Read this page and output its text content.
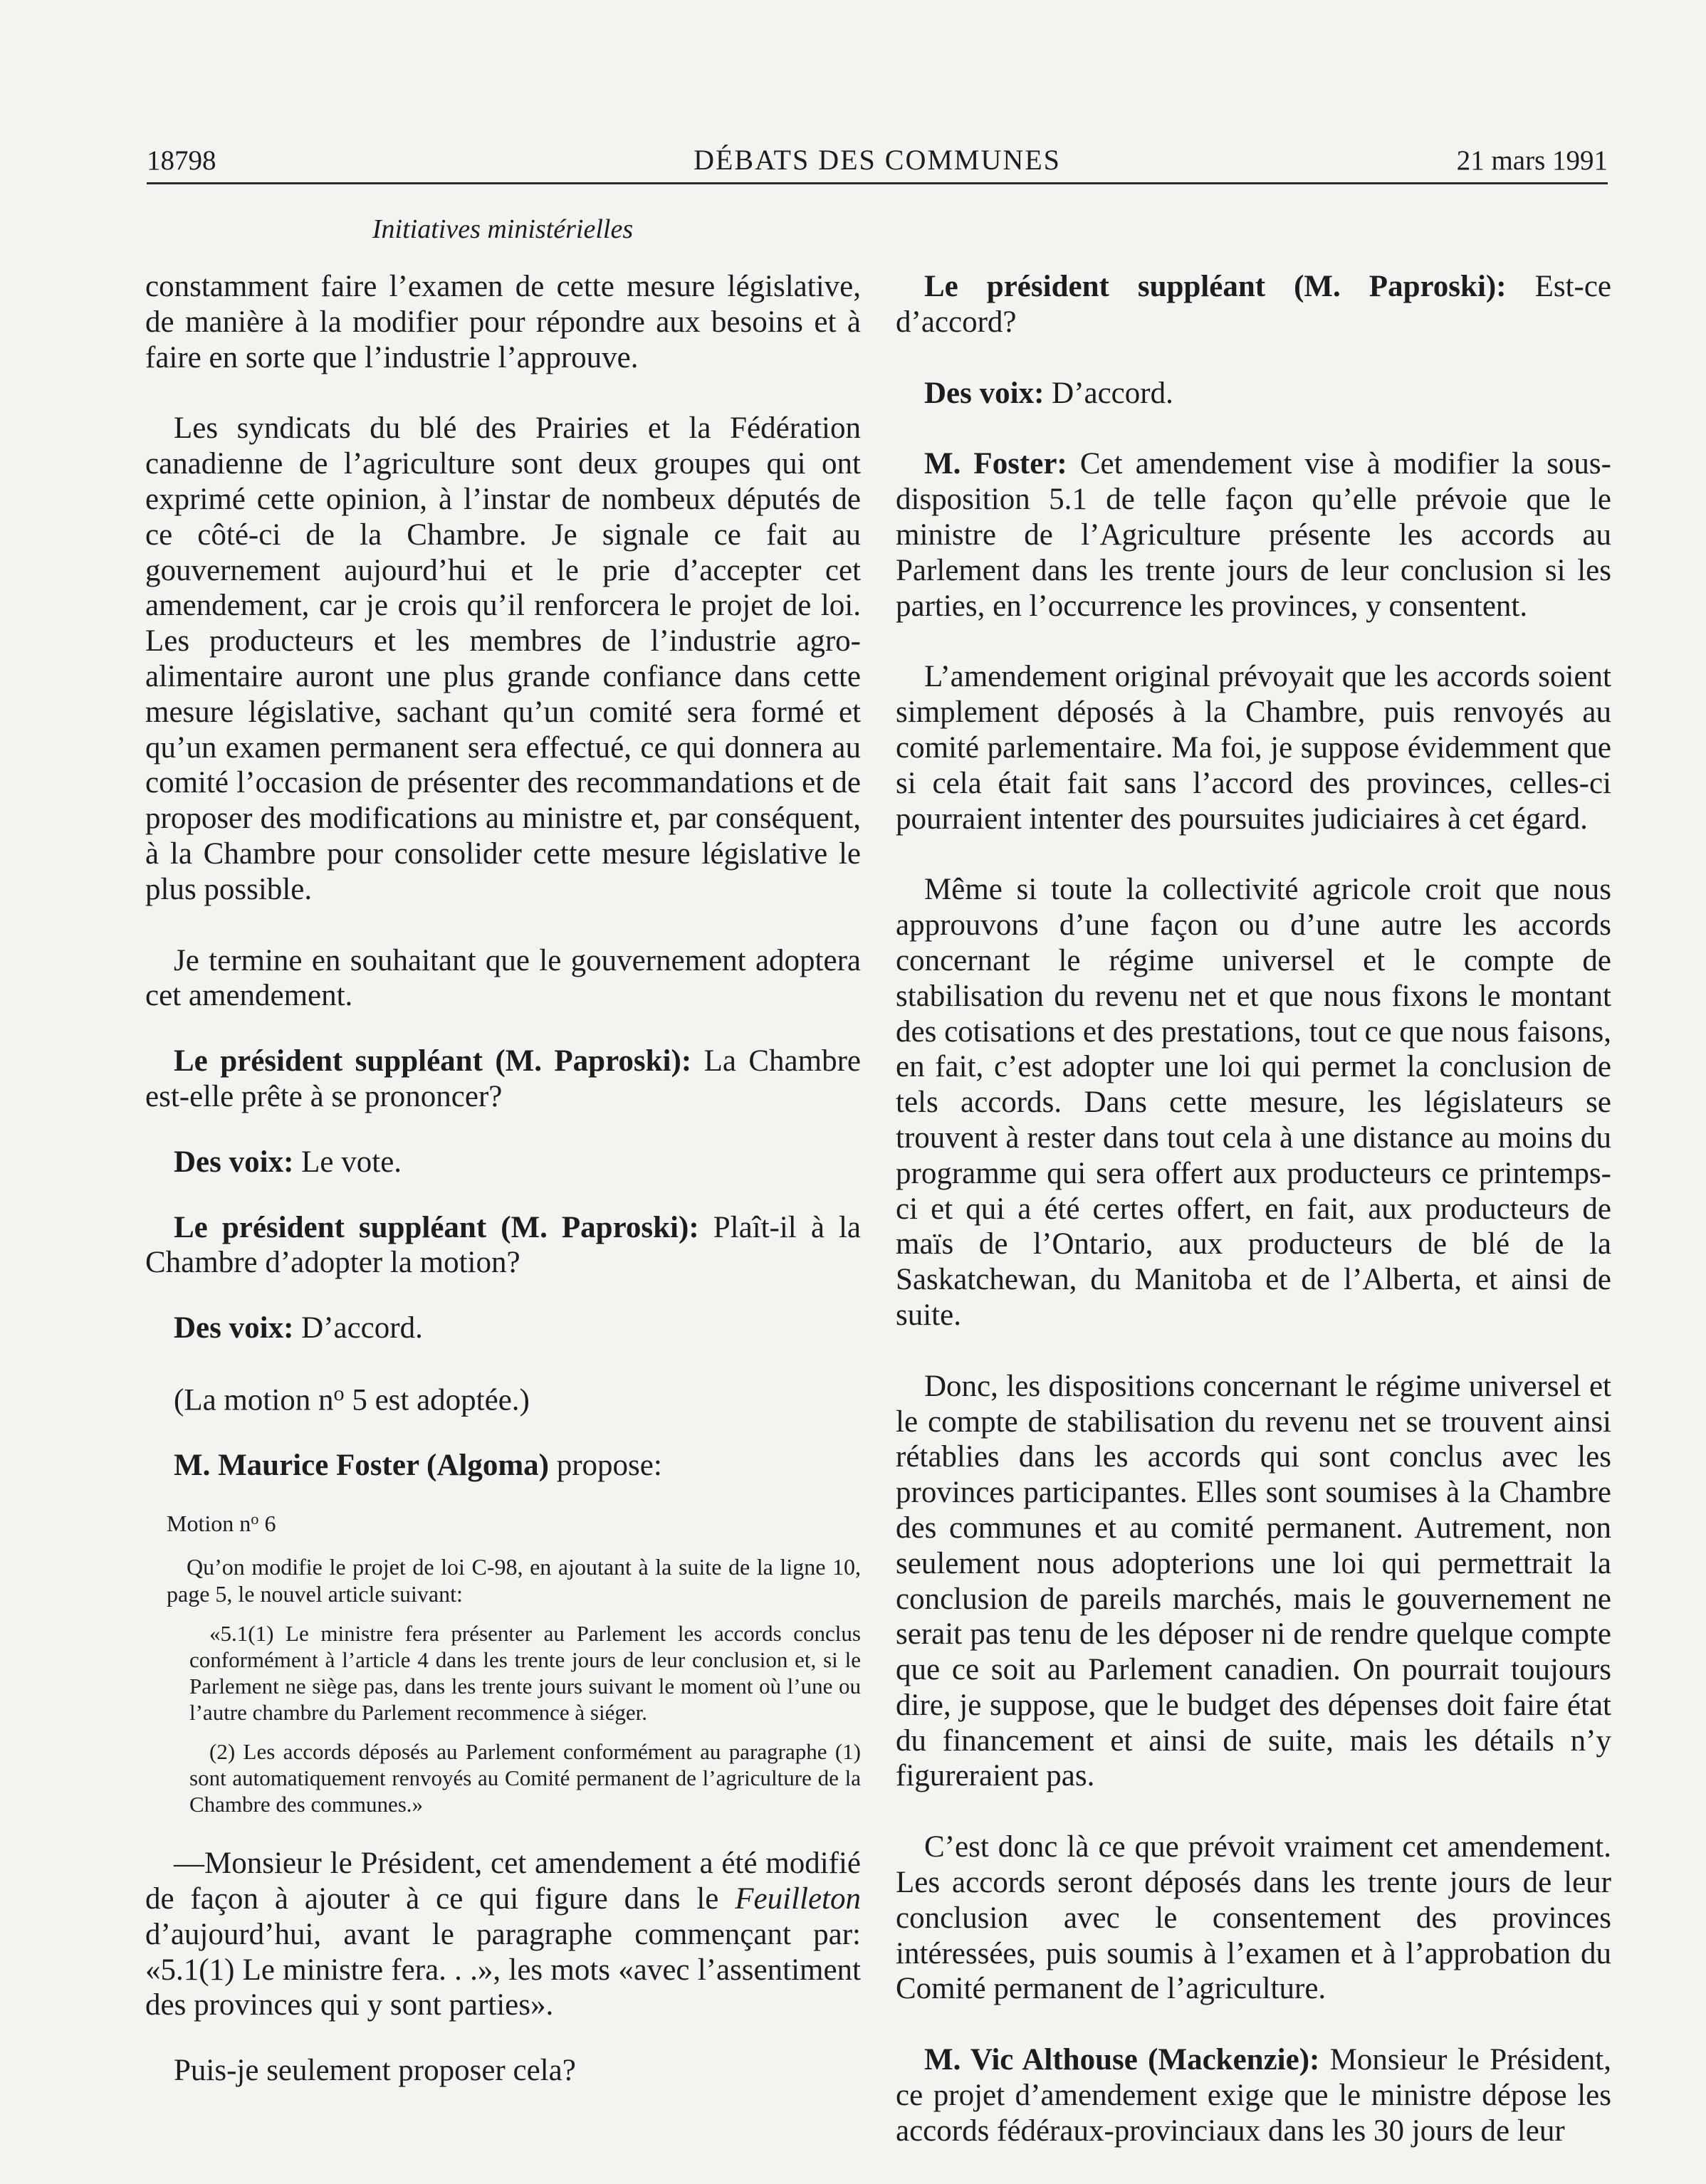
18798	DÉBATS DES COMMUNES	21 mars 1991
Initiatives ministérielles

constamment faire l’examen de cette mesure législative, de manière à la modifier pour répondre aux besoins et à faire en sorte que l’industrie l’approuve.

Les syndicats du blé des Prairies et la Fédération canadienne de l’agriculture sont deux groupes qui ont exprimé cette opinion, à l’instar de nombeux députés de ce côté-ci de la Chambre. Je signale ce fait au gouvernement aujourd’hui et le prie d’accepter cet amendement, car je crois qu’il renforcera le projet de loi. Les producteurs et les membres de l’industrie agro-alimentaire auront une plus grande confiance dans cette mesure législative, sachant qu’un comité sera formé et qu’un examen permanent sera effectué, ce qui donnera au comité l’occasion de présenter des recommandations et de proposer des modifications au ministre et, par conséquent, à la Chambre pour consolider cette mesure législative le plus possible.

Je termine en souhaitant que le gouvernement adoptera cet amendement.

Le président suppléant (M. Paproski): La Chambre est-elle prête à se prononcer?

Des voix: Le vote.

Le président suppléant (M. Paproski): Plaît-il à la Chambre d’adopter la motion?

Des voix: D’accord.

(La motion $n^o$ 5 est adoptée.)

M. Maurice Foster (Algoma) propose:

Motion $n^o$ 6

Qu’on modifie le projet de loi C-98, en ajoutant à la suite de la ligne 10, page 5, le nouvel article suivant:

«5.1(1) Le ministre fera présenter au Parlement les accords conclus conformément à l’article 4 dans les trente jours de leur conclusion et, si le Parlement ne siège pas, dans les trente jours suivant le moment où l’une ou l’autre chambre du Parlement recommence à siéger.

(2) Les accords déposés au Parlement conformément au paragraphe (1) sont automatiquement renvoyés au Comité permanent de l’agriculture de la Chambre des communes.»

—Monsieur le Président, cet amendement a été modifié de façon à ajouter à ce qui figure dans le Feuilleton d’aujourd’hui, avant le paragraphe commençant par: «5.1(1) Le ministre fera. . .», les mots «avec l’assentiment des provinces qui y sont parties».

Puis-je seulement proposer cela?

Le président suppléant (M. Paproski): Est-ce d’accord?

Des voix: D’accord.

M. Foster: Cet amendement vise à modifier la sous-disposition 5.1 de telle façon qu’elle prévoie que le ministre de l’Agriculture présente les accords au Parlement dans les trente jours de leur conclusion si les parties, en l’occurrence les provinces, y consentent.

L’amendement original prévoyait que les accords soient simplement déposés à la Chambre, puis renvoyés au comité parlementaire. Ma foi, je suppose évidemment que si cela était fait sans l’accord des provinces, celles-ci pourraient intenter des poursuites judiciaires à cet égard.

Même si toute la collectivité agricole croit que nous approuvons d’une façon ou d’une autre les accords concernant le régime universel et le compte de stabilisation du revenu net et que nous fixons le montant des cotisations et des prestations, tout ce que nous faisons, en fait, c’est adopter une loi qui permet la conclusion de tels accords. Dans cette mesure, les législateurs se trouvent à rester dans tout cela à une distance au moins du programme qui sera offert aux producteurs ce printemps-ci et qui a été certes offert, en fait, aux producteurs de maïs de l’Ontario, aux producteurs de blé de la Saskatchewan, du Manitoba et de l’Alberta, et ainsi de suite.

Donc, les dispositions concernant le régime universel et le compte de stabilisation du revenu net se trouvent ainsi rétablies dans les accords qui sont conclus avec les provinces participantes. Elles sont soumises à la Chambre des communes et au comité permanent. Autrement, non seulement nous adopterions une loi qui permettrait la conclusion de pareils marchés, mais le gouvernement ne serait pas tenu de les déposer ni de rendre quelque compte que ce soit au Parlement canadien. On pourrait toujours dire, je suppose, que le budget des dépenses doit faire état du financement et ainsi de suite, mais les détails n’y figureraient pas.

C’est donc là ce que prévoit vraiment cet amendement. Les accords seront déposés dans les trente jours de leur conclusion avec le consentement des provinces intéressées, puis soumis à l’examen et à l’approbation du Comité permanent de l’agriculture.

M. Vic Althouse (Mackenzie): Monsieur le Président, ce projet d’amendement exige que le ministre dépose les accords fédéraux-provinciaux dans les 30 jours de leur
